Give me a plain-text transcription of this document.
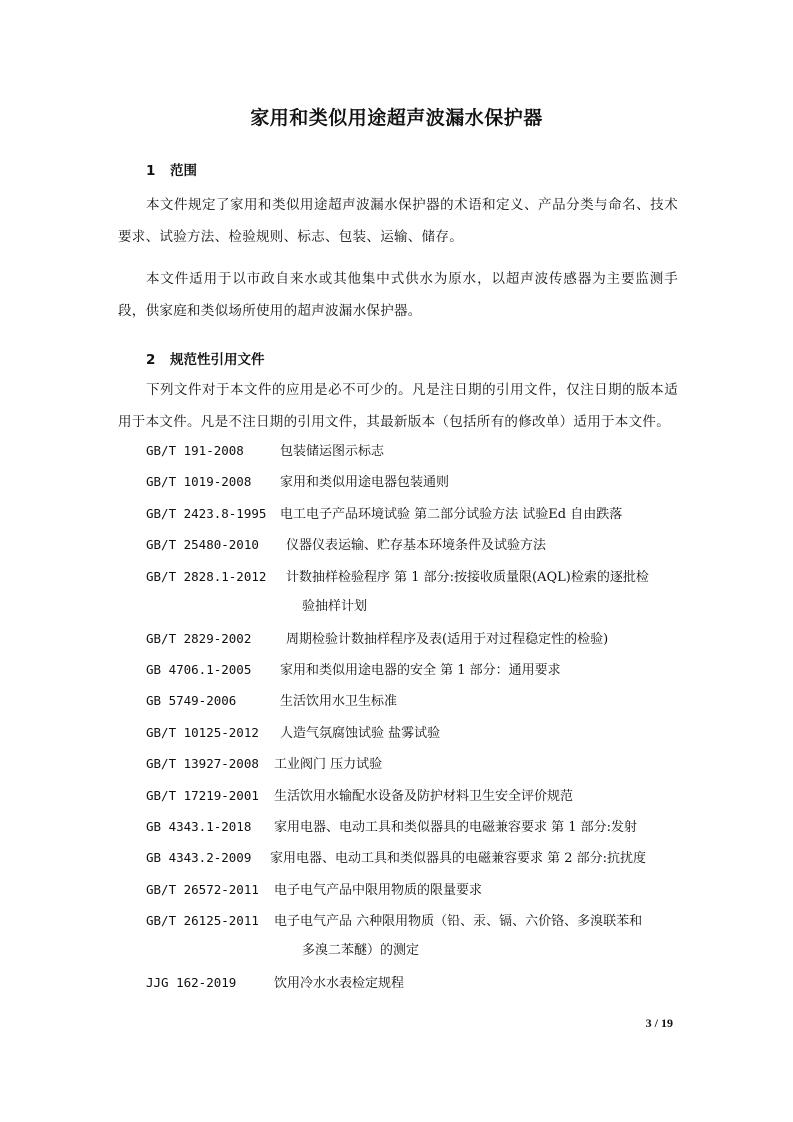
家用和类似用途超声波漏水保护器
1 范围
本文件规定了家用和类似用途超声波漏水保护器的术语和定义、产品分类与命名、技术要求、试验方法、检验规则、标志、包装、运输、储存。
本文件适用于以市政自来水或其他集中式供水为原水，以超声波传感器为主要监测手段，供家庭和类似场所使用的超声波漏水保护器。
2 规范性引用文件
下列文件对于本文件的应用是必不可少的。凡是注日期的引用文件，仅注日期的版本适用于本文件。凡是不注日期的引用文件，其最新版本（包括所有的修改单）适用于本文件。
GB/T 191-2008	包装储运图示标志
GB/T 1019-2008 家用和类似用途电器包装通则
GB/T 2423.8-1995 电工电子产品环境试验 第二部分试验方法 试验Ed 自由跌落
GB/T 25480-2010 仪器仪表运输、贮存基本环境条件及试验方法
GB/T 2828.1-2012 计数抽样检验程序 第 1 部分:按接收质量限(AQL)检索的逐批检
验抽样计划
GB/T 2829-2002	周期检验计数抽样程序及表(适用于对过程稳定性的检验)
GB 4706.1-2005 家用和类似用途电器的安全 第 1 部分：通用要求
GB 5749-2006	生活饮用水卫生标准
GB/T 10125-2012 人造气氛腐蚀试验 盐雾试验
GB/T 13927-2008 工业阀门 压力试验
GB/T 17219-2001 生活饮用水输配水设备及防护材料卫生安全评价规范
GB 4343.1-2018 家用电器、电动工具和类似器具的电磁兼容要求 第 1 部分:发射
GB 4343.2-2009 家用电器、电动工具和类似器具的电磁兼容要求 第 2 部分:抗扰度
GB/T 26572-2011 电子电气产品中限用物质的限量要求
GB/T 26125-2011 电子电气产品 六种限用物质（铅、汞、镉、六价铬、多溴联苯和
多溴二苯醚）的测定
JJG 162-2019	饮用冷水水表检定规程
3 / 19
